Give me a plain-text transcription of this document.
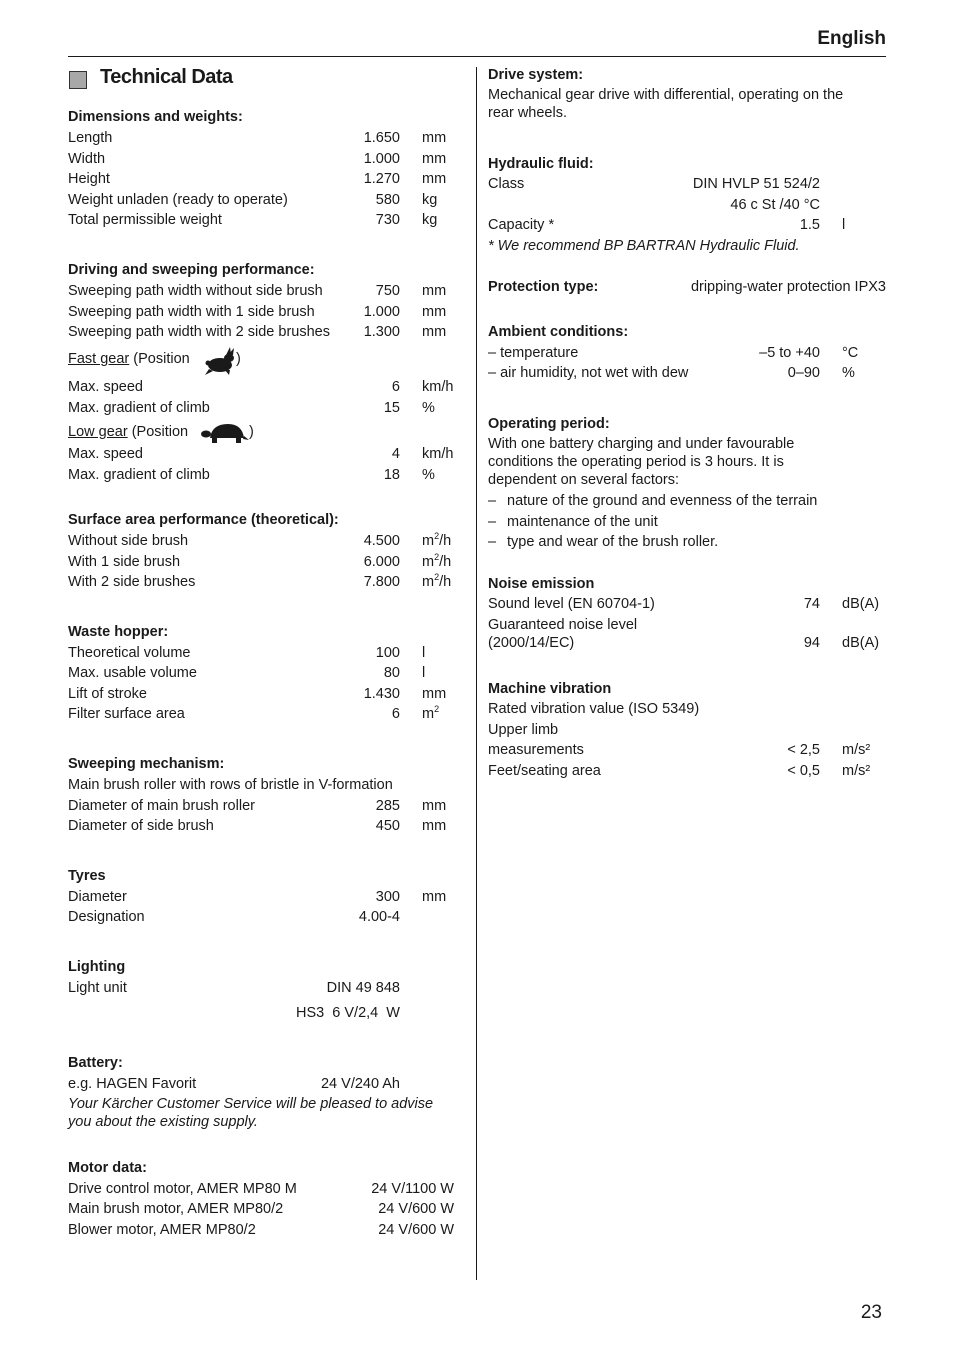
English
Technical Data
Dimensions and weights:
Length	1.650 mm
Width	1.000 mm
Height	1.270 mm
Weight unladen (ready to operate)	580 kg
Total permissible weight	730 kg
Driving and sweeping performance:
Sweeping path width without side brush	750 mm
Sweeping path width with 1 side brush	1.000 mm
Sweeping path width with 2 side brushes 1.300 mm
Fast gear (Position	)
Max. speed	6 km/h
Max. gradient of climb	15 %
Low gear (Position	)
Max. speed	4 km/h
Max. gradient of climb	18 %
Surface area performance (theoretical):
Without side brush	4.500 $m^2/h$
With 1 side brush	6.000 $m^2/h$
With 2 side brushes	7.800 $m^2/h$
Waste hopper:
Theoretical volume	100 l
Max. usable volume	80 l
Lift of stroke	1.430 mm
Filter surface area	6 $m^2$
Sweeping mechanism:
Main brush roller with rows of bristle in V-formation
Diameter of main brush roller	285 mm
Diameter of side brush	450 mm
Tyres
Diameter	300 mm
Designation	4.00-4
Lighting
Light unit	DIN 49 848
HS3  6 V/2,4  W
Battery:
e.g. HAGEN Favorit	24 V/240 Ah
Your Kärcher Customer Service will be pleased to advise
you about the existing supply.
Motor data:
Drive control motor, AMER MP80 M	24 V/1100 W
Main brush motor, AMER MP80/2	24 V/600 W
Blower motor, AMER MP80/2	24 V/600 W
Drive system:
Mechanical gear drive with differential, operating on the
rear wheels.
Hydraulic fluid:
Class	DIN HVLP 51 524/2
46 c St /40 °C
Capacity *	1.5 l
* We recommend BP BARTRAN Hydraulic Fluid.
Protection type:	dripping-water protection IPX3
Ambient conditions:
– temperature	–5 to +40 °C
– air humidity, not wet with dew	0–90 %
Operating period:
With one battery charging and under favourable
conditions the operating period is 3 hours. It is
dependent on several factors:
– nature of the ground and evenness of the terrain
– maintenance of the unit
– type and wear of the brush roller.
Noise emission
Sound level (EN 60704-1)	74 dB(A)
Guaranteed noise level
(2000/14/EC)	94 dB(A)
Machine vibration
Rated vibration value (ISO 5349)
Upper limb
measurements	< 2,5 m/s²
Feet/seating area	< 0,5 m/s²
23
